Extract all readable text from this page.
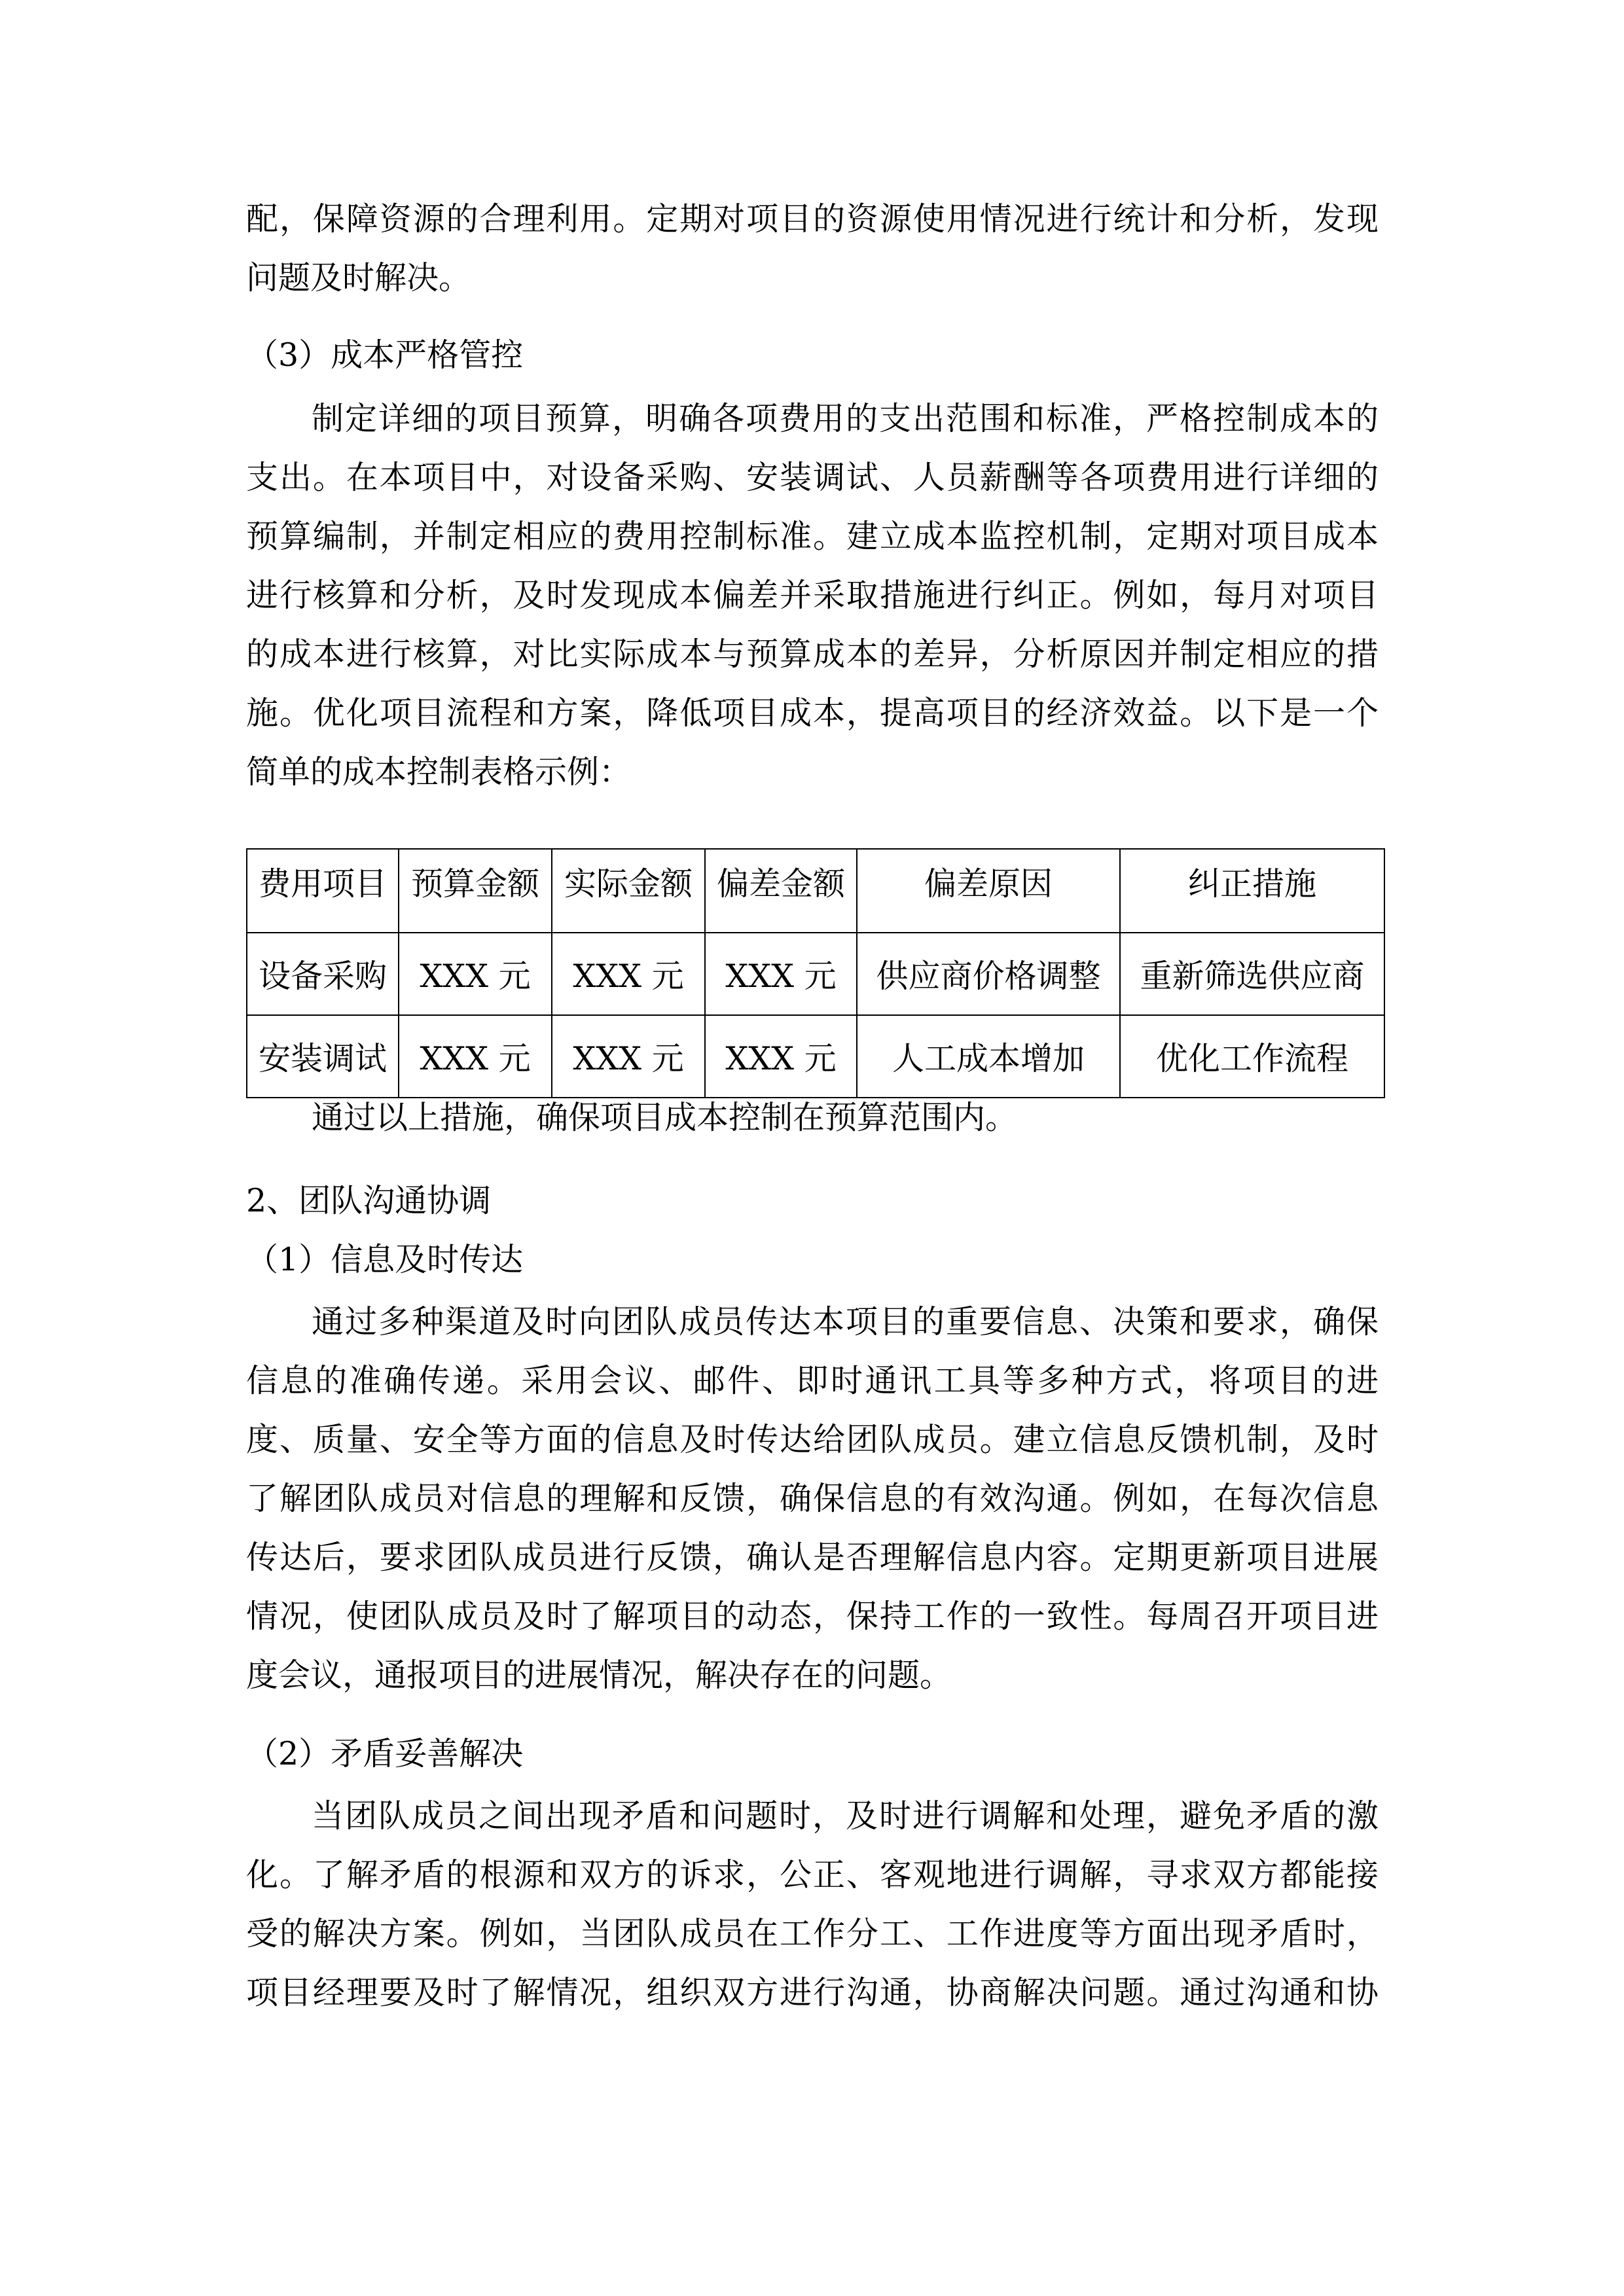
配，保障资源的合理利用。定期对项目的资源使用情况进行统计和分析，发现
问题及时解决。
（3）成本严格管控
制定详细的项目预算，明确各项费用的支出范围和标准，严格控制成本的
支出。在本项目中，对设备采购、安装调试、人员薪酬等各项费用进行详细的
预算编制，并制定相应的费用控制标准。建立成本监控机制，定期对项目成本
进行核算和分析，及时发现成本偏差并采取措施进行纠正。例如，每月对项目
的成本进行核算，对比实际成本与预算成本的差异，分析原因并制定相应的措
施。优化项目流程和方案，降低项目成本，提高项目的经济效益。以下是一个
简单的成本控制表格示例：
费用项目	预算金额	实际金额	偏差金额	偏差原因	纠正措施
设备采购	XXX 元	XXX 元	XXX 元	供应商价格调整	重新筛选供应商
安装调试	XXX 元	XXX 元	XXX 元	人工成本增加	优化工作流程
通过以上措施，确保项目成本控制在预算范围内。
2、团队沟通协调
（1）信息及时传达
通过多种渠道及时向团队成员传达本项目的重要信息、决策和要求，确保
信息的准确传递。采用会议、邮件、即时通讯工具等多种方式，将项目的进
度、质量、安全等方面的信息及时传达给团队成员。建立信息反馈机制，及时
了解团队成员对信息的理解和反馈，确保信息的有效沟通。例如，在每次信息
传达后，要求团队成员进行反馈，确认是否理解信息内容。定期更新项目进展
情况，使团队成员及时了解项目的动态，保持工作的一致性。每周召开项目进
度会议，通报项目的进展情况，解决存在的问题。
（2）矛盾妥善解决
当团队成员之间出现矛盾和问题时，及时进行调解和处理，避免矛盾的激
化。了解矛盾的根源和双方的诉求，公正、客观地进行调解，寻求双方都能接
受的解决方案。例如，当团队成员在工作分工、工作进度等方面出现矛盾时，
项目经理要及时了解情况，组织双方进行沟通，协商解决问题。通过沟通和协
